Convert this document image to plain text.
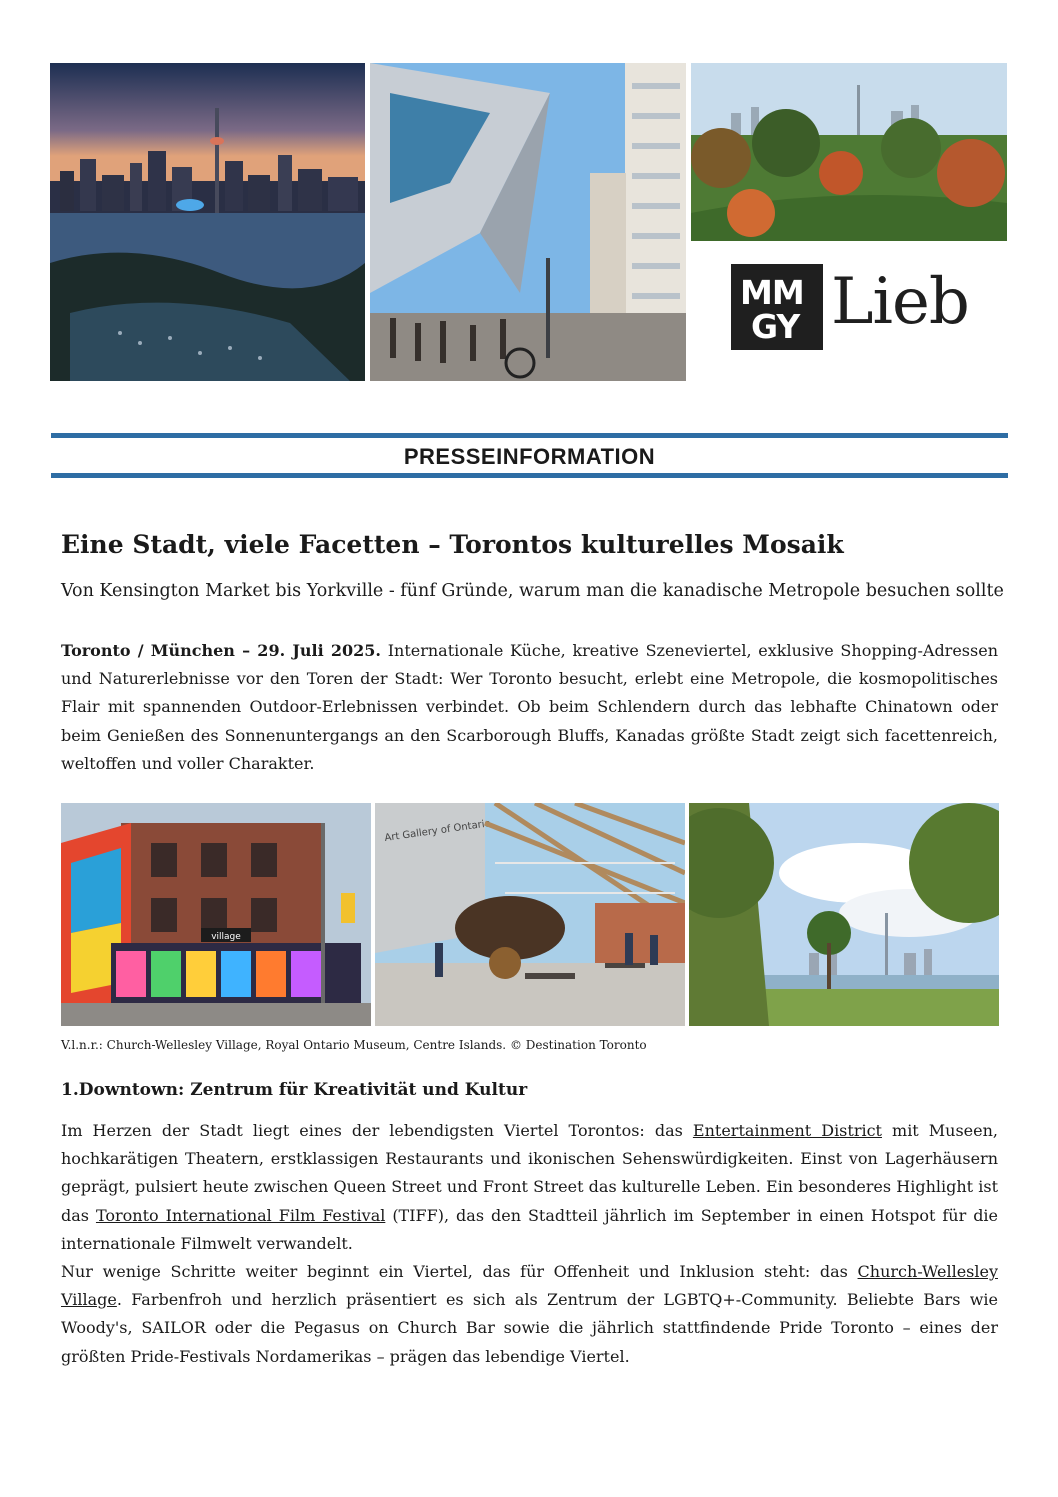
MM
GY Lieb
PRESSEINFORMATION
Eine Stadt, viele Facetten – Torontos kulturelles Mosaik
Von Kensington Market bis Yorkville - fünf Gründe, warum man die kanadische Metropole besuchen sollte
Toronto / München – 29. Juli 2025. Internationale Küche, kreative Szeneviertel, exklusive Shopping-Adressen und Naturerlebnisse vor den Toren der Stadt: Wer Toronto besucht, erlebt eine Metropole, die kosmopolitisches Flair mit spannenden Outdoor-Erlebnissen verbindet. Ob beim Schlendern durch das lebhafte Chinatown oder beim Genießen des Sonnenuntergangs an den Scarborough Bluffs, Kanadas größte Stadt zeigt sich facettenreich, weltoffen und voller Charakter.
village
Art Gallery of Ontario
V.l.n.r.: Church-Wellesley Village, Royal Ontario Museum, Centre Islands. © Destination Toronto
1.Downtown: Zentrum für Kreativität und Kultur
Im Herzen der Stadt liegt eines der lebendigsten Viertel Torontos: das Entertainment District mit Museen, hochkarätigen Theatern, erstklassigen Restaurants und ikonischen Sehenswürdigkeiten. Einst von Lagerhäusern geprägt, pulsiert heute zwischen Queen Street und Front Street das kulturelle Leben. Ein besonderes Highlight ist das Toronto International Film Festival (TIFF), das den Stadtteil jährlich im September in einen Hotspot für die internationale Filmwelt verwandelt.
Nur wenige Schritte weiter beginnt ein Viertel, das für Offenheit und Inklusion steht: das Church-Wellesley Village. Farbenfroh und herzlich präsentiert es sich als Zentrum der LGBTQ+-Community. Beliebte Bars wie Woody's, SAILOR oder die Pegasus on Church Bar sowie die jährlich stattfindende Pride Toronto – eines der größten Pride-Festivals Nordamerikas – prägen das lebendige Viertel.
